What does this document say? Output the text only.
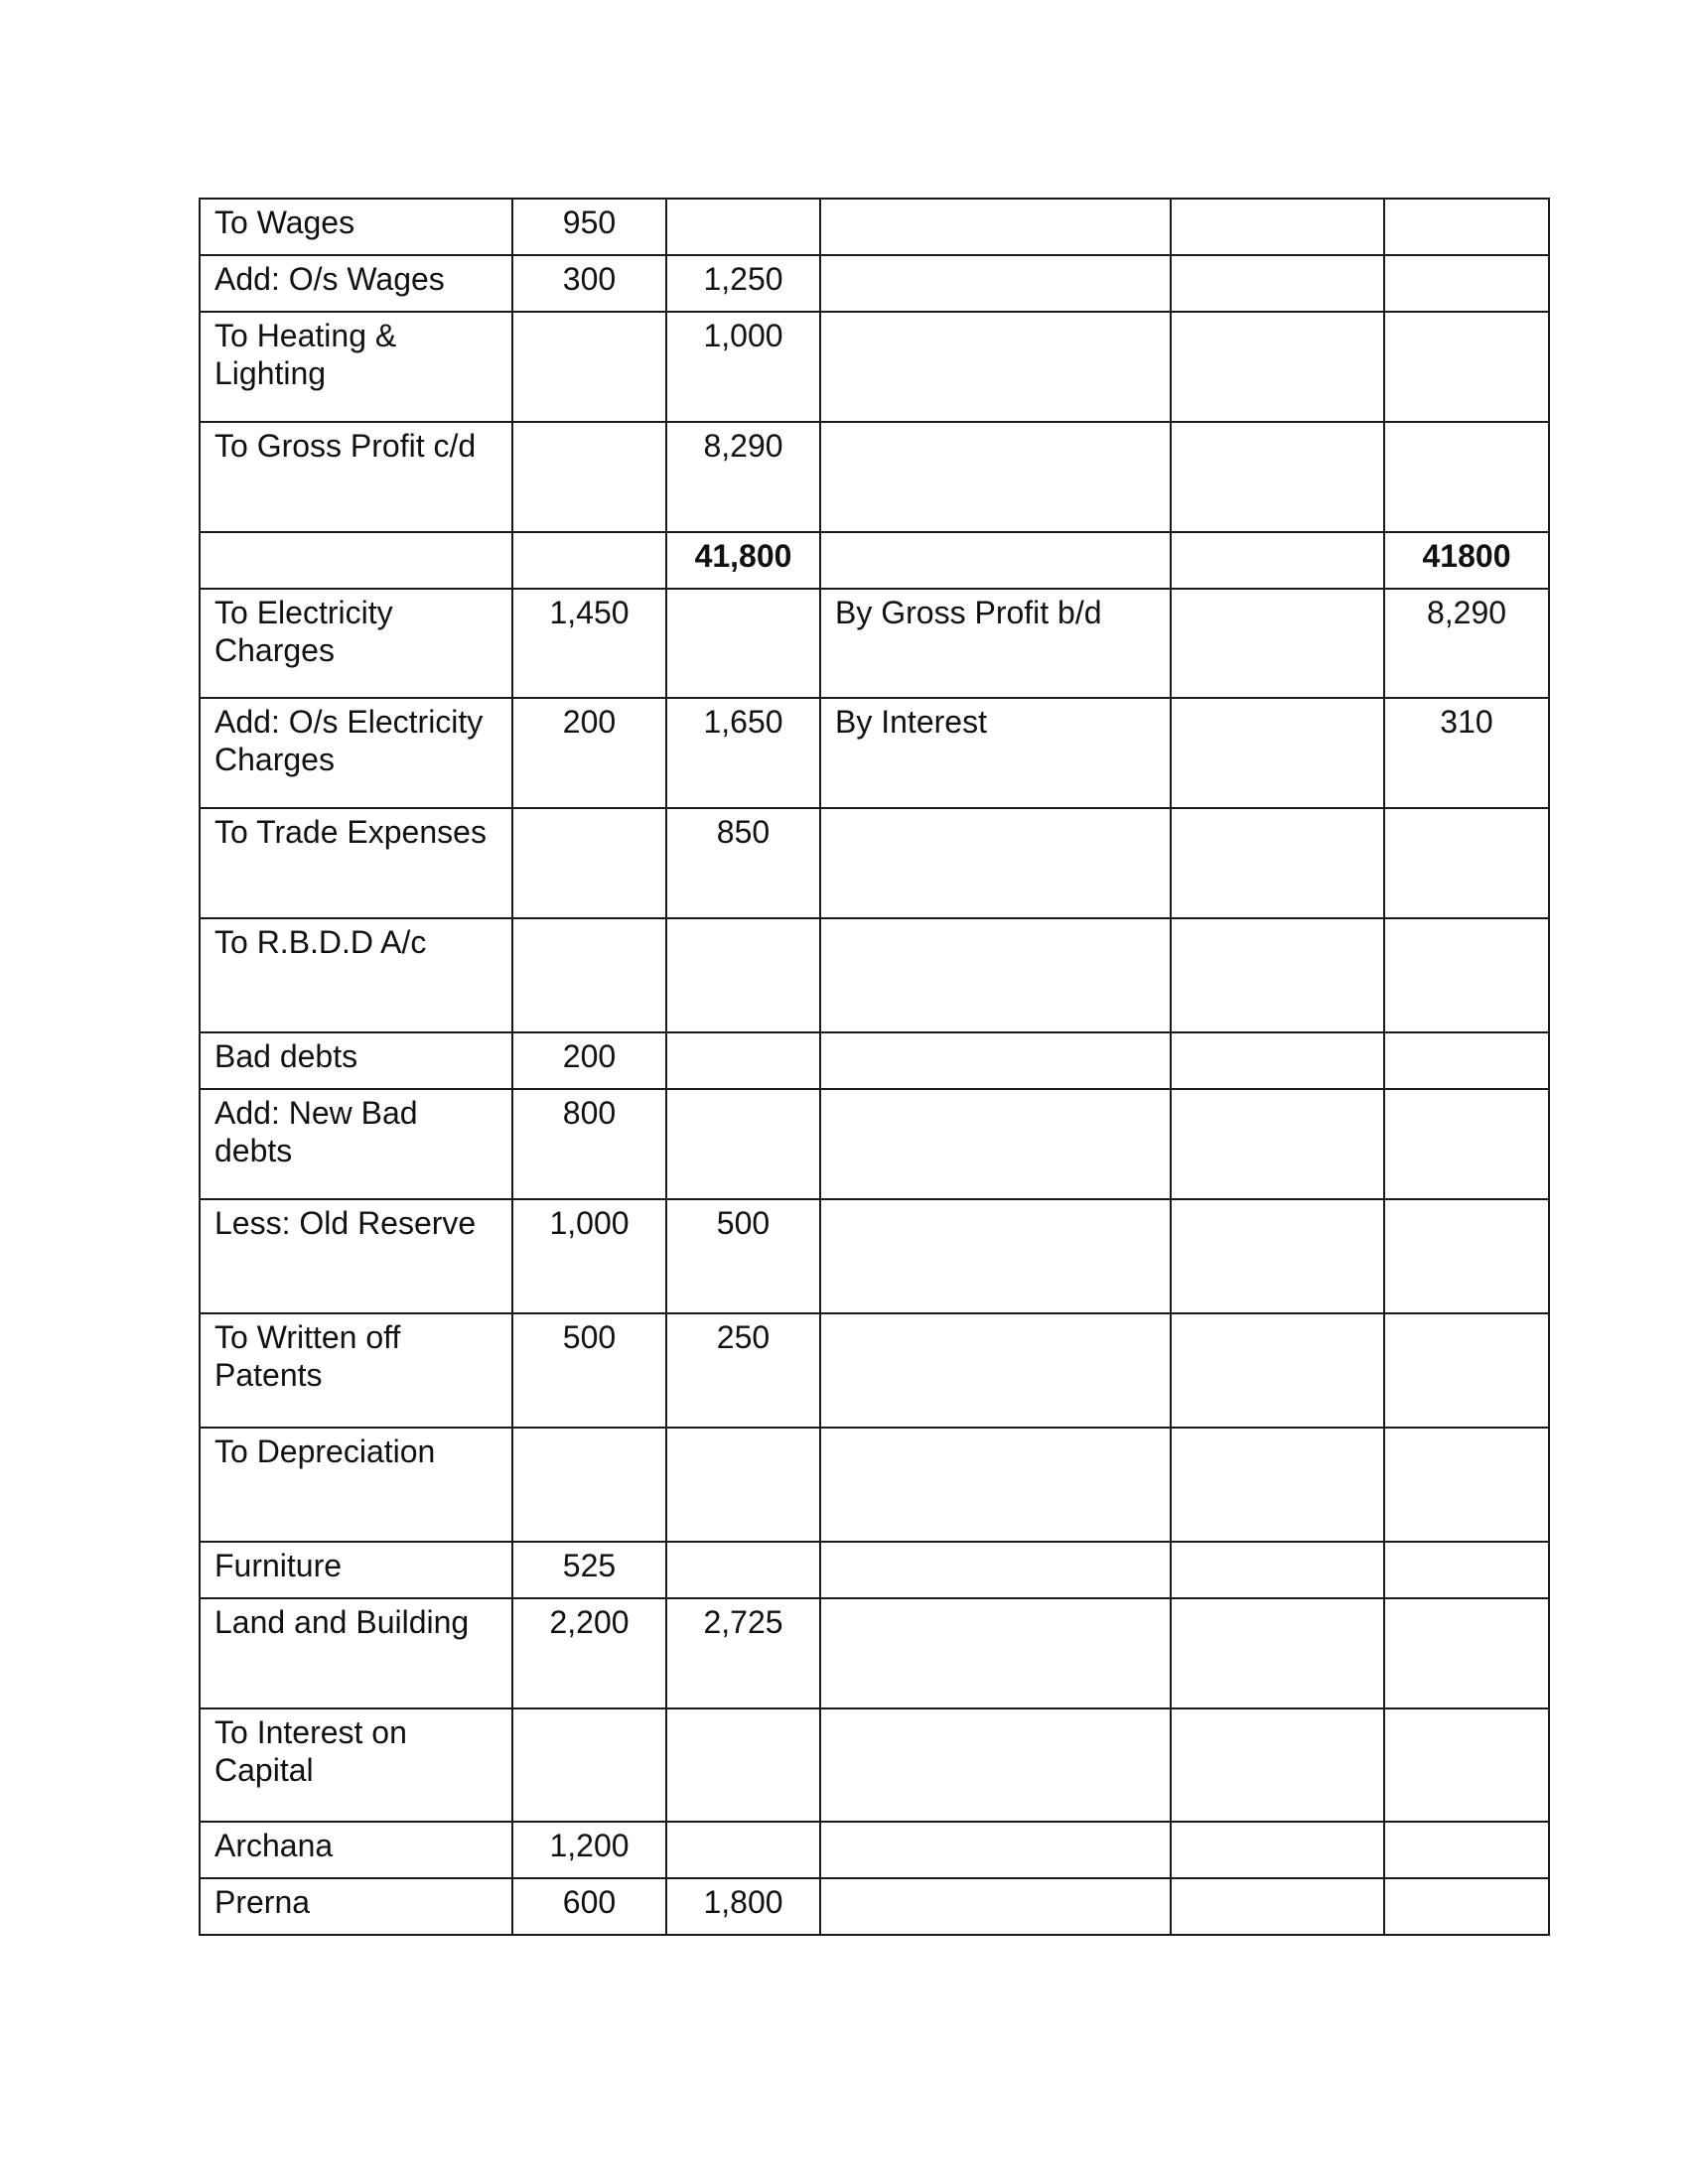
To Wages	950				
Add: O/s Wages	300	1,250			
To Heating & Lighting		1,000			
To Gross Profit c/d		8,290			
		41,800			41800
To Electricity Charges	1,450		By Gross Profit b/d		8,290
Add: O/s Electricity Charges	200	1,650	By Interest		310
To Trade Expenses		850			
To R.B.D.D A/c					
Bad debts	200				
Add: New Bad debts	800				
Less: Old Reserve	1,000	500			
To Written off Patents	500	250			
To Depreciation					
Furniture	525				
Land and Building	2,200	2,725			
To Interest on Capital					
Archana	1,200				
Prerna	600	1,800			
